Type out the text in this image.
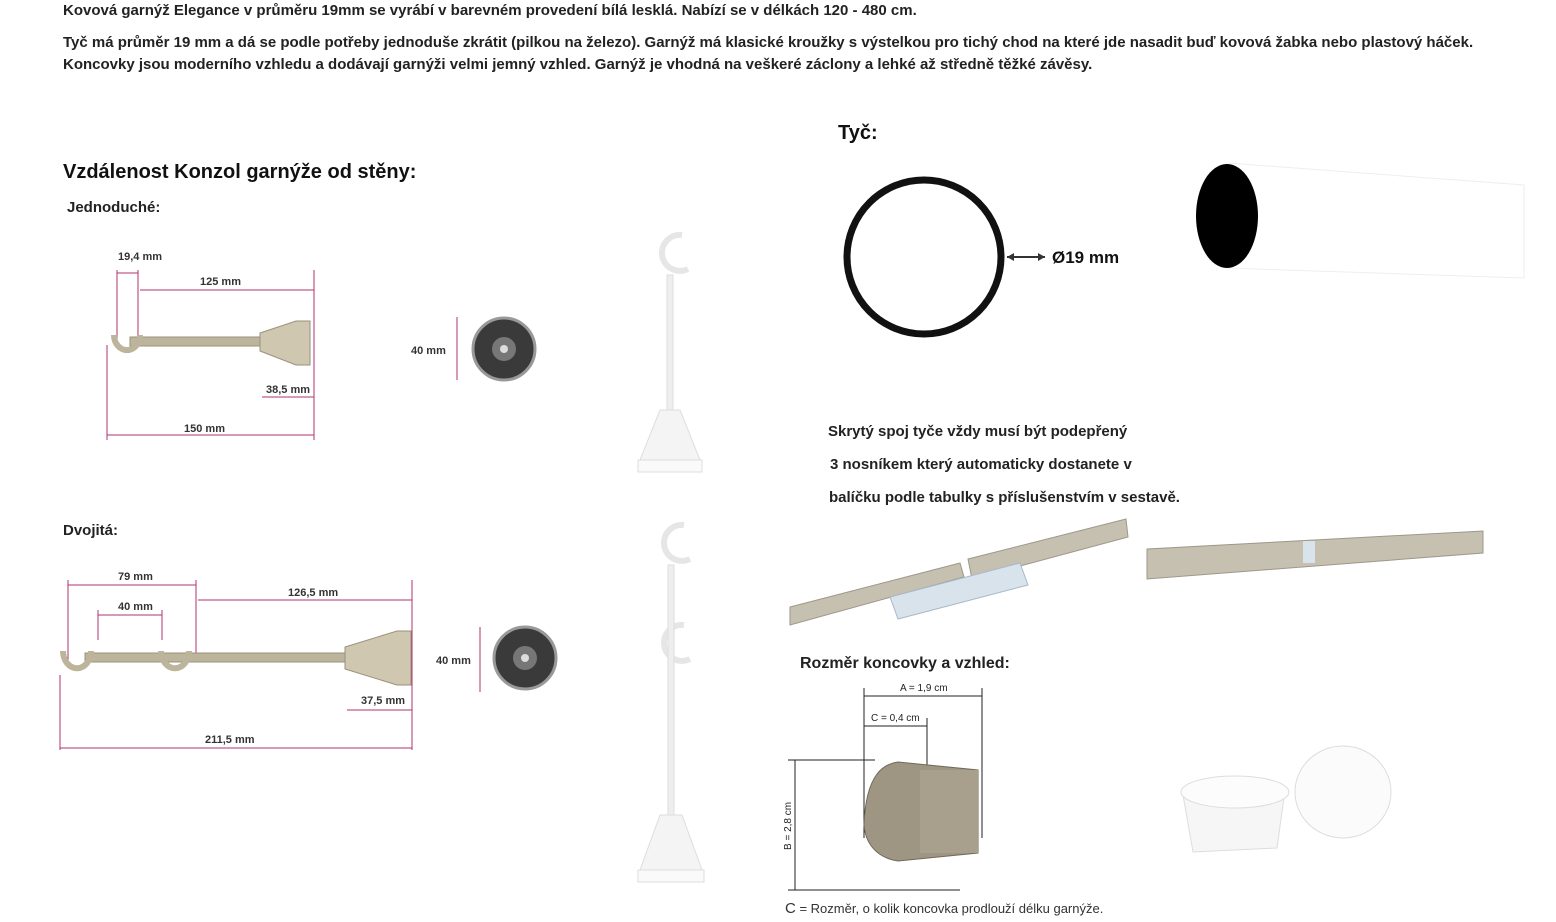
Kovová garnýž Elegance v průměru 19mm se vyrábí v barevném provedení bílá lesklá. Nabízí se v délkách 120 - 480 cm.
Tyč má průměr 19 mm a dá se podle potřeby jednoduše zkrátit (pilkou na železo). Garnýž má klasické kroužky s výstelkou pro tichý chod na které jde nasadit buď kovová žabka nebo plastový háček.
Koncovky jsou moderního vzhledu a dodávají garnýži velmi jemný vzhled. Garnýž je vhodná na veškeré záclony a lehké až středně těžké závěsy.
Vzdálenost Konzol garnýže od stěny:
Jednoduché:
Dvojitá:
19,4 mm
125 mm
38,5 mm
150 mm
40 mm
79 mm
40 mm
126,5 mm
37,5 mm
211,5 mm
40 mm
Tyč:
Ø19 mm
Skrytý spoj tyče vždy musí být podepřený
3 nosníkem který automaticky dostanete v
balíčku podle tabulky s příslušenstvím v sestavě.
Rozměr koncovky a vzhled:
A = 1,9 cm
C = 0,4 cm
B = 2,8 cm
C = Rozměr, o kolik koncovka prodlouží délku garnýže.
